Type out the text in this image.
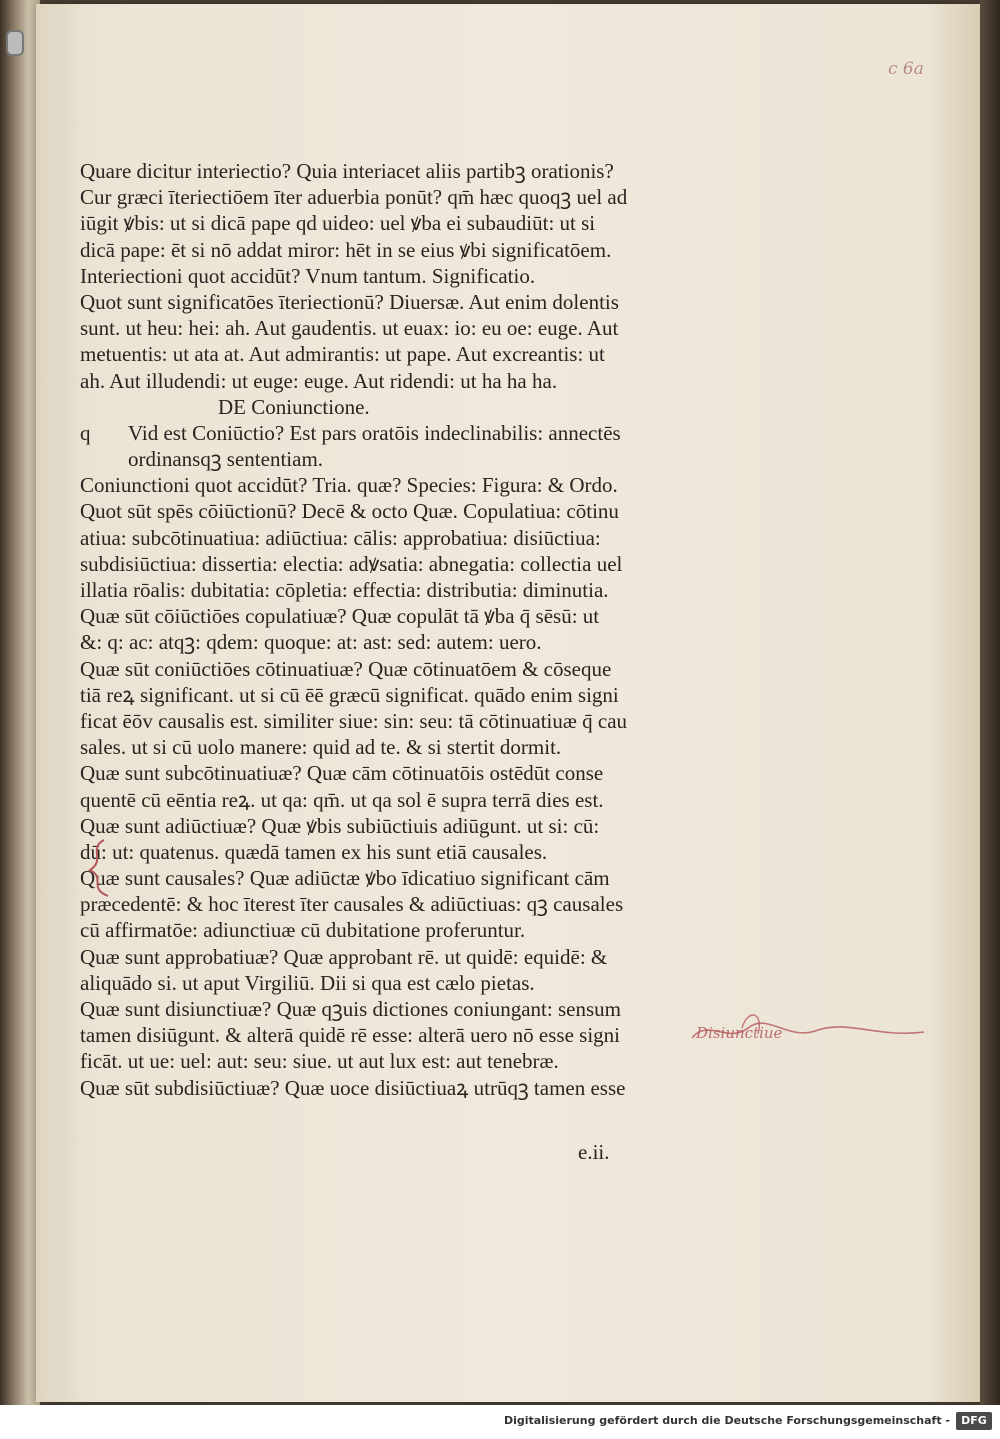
c 6a
Quare dicitur interiectio? Quia interiacet aliis partibꝫ orationis?
Cur græci īteriectiōem īter aduerbia ponūt? qm̄ hæc quoqꝫ uel ad
iūgit ꝟbis: ut si dicā pape qd uideo: uel ꝟba ei subaudiūt: ut si
dicā pape: ēt si nō addat miror: hēt in se eius ꝟbi significatōem.
Interiectioni quot accidūt? Vnum tantum. Significatio.
Quot sunt significatōes īteriectionū? Diuersæ. Aut enim dolentis
sunt. ut heu: hei: ah. Aut gaudentis. ut euax: io: eu oe: euge. Aut
metuentis: ut ata at. Aut admirantis: ut pape. Aut excreantis: ut
ah. Aut illudendi: ut euge: euge. Aut ridendi: ut ha ha ha.
DE Coniunctione.
q Vid est Coniūctio? Est pars oratōis indeclinabilis: annectēs
ordinansqꝫ sententiam.
Coniunctioni quot accidūt? Tria. quæ? Species: Figura: & Ordo.
Quot sūt spēs cōiūctionū? Decē & octo Quæ. Copulatiua: cōtinu
atiua: subcōtinuatiua: adiūctiua: cālis: approbatiua: disiūctiua:
subdisiūctiua: dissertia: electia: adꝟsatia: abnegatia: collectia uel
illatia rōalis: dubitatia: cōpletia: effectia: distributia: diminutia.
Quæ sūt cōiūctiōes copulatiuæ? Quæ copulāt tā ꝟba q̄ sēsū: ut
&: q: ac: atqꝫ: qdem: quoque: at: ast: sed: autem: uero.
Quæ sūt coniūctiōes cōtinuatiuæ? Quæ cōtinuatōem & cōseque
tiā reꝝ significant. ut si cū ēē græcū significat. quādo enim signi
ficat ēōv causalis est. similiter siue: sin: seu: tā cōtinuatiuæ q̄ cau
sales. ut si cū uolo manere: quid ad te. & si stertit dormit.
Quæ sunt subcōtinuatiuæ? Quæ cām cōtinuatōis ostēdūt conse
quentē cū eēntia reꝝ. ut qa: qm̄. ut qa sol ē supra terrā dies est.
Quæ sunt adiūctiuæ? Quæ ꝟbis subiūctiuis adiūgunt. ut si: cū:
dū: ut: quatenus. quædā tamen ex his sunt etiā causales.
Quæ sunt causales? Quæ adiūctæ ꝟbo īdicatiuo significant cām
præcedentē: & hoc īterest īter causales & adiūctiuas: qꝫ causales
cū affirmatōe: adiunctiuæ cū dubitatione proferuntur.
Quæ sunt approbatiuæ? Quæ approbant rē. ut quidē: equidē: &
aliquādo si. ut aput Virgiliū. Dii si qua est cælo pietas.
Quæ sunt disiunctiuæ? Quæ qꝫuis dictiones coniungant: sensum
tamen disiūgunt. & alterā quidē rē esse: alterā uero nō esse signi
ficāt. ut ue: uel: aut: seu: siue. ut aut lux est: aut tenebræ.
Quæ sūt subdisiūctiuæ? Quæ uoce disiūctiuaꝝ utrūqꝫ tamen esse
Disiunctiue
e.ii.
Digitalisierung gefördert durch die Deutsche Forschungsgemeinschaft -	DFG
